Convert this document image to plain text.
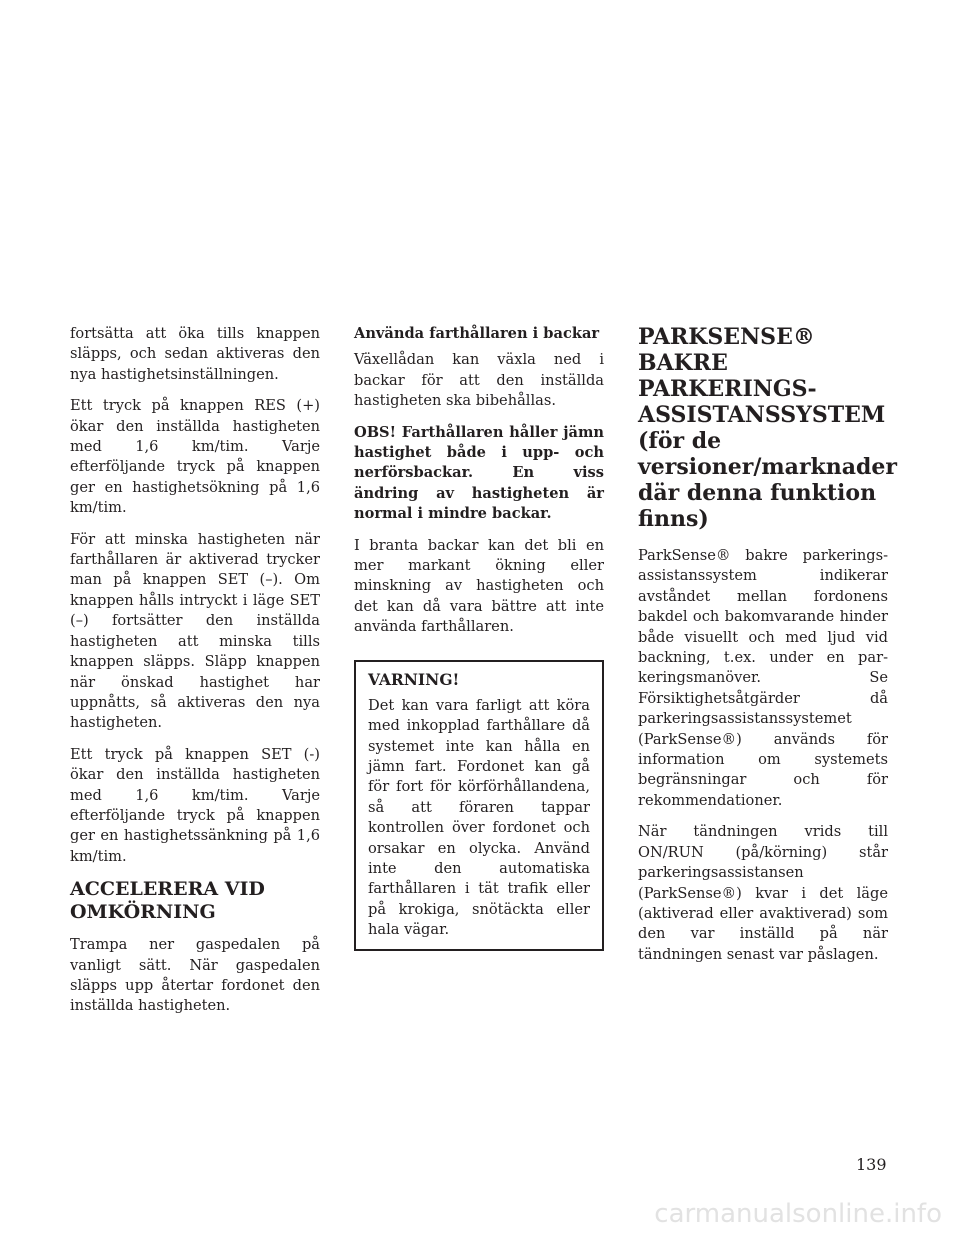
fortsätta att öka tills knappen släpps, och sedan aktiveras den nya hastighetsinställningen.

Ett tryck på knappen RES (+) ökar den inställda hastigheten med 1,6 km/tim. Varje efterföljande tryck på knappen ger en hastighetsökning på 1,6 km/tim.

För att minska hastigheten när farthållaren är aktiverad trycker man på knappen SET (–). Om knappen hålls intryckt i läge SET (–) fortsätter den inställda hastigheten att minska tills knappen släpps. Släpp knappen när önskad hastighet har uppnåtts, så aktiveras den nya hastigheten.

Ett tryck på knappen SET (-) ökar den inställda hastigheten med 1,6 km/tim. Varje efterföljande tryck på knappen ger en hastighetssänkning på 1,6 km/tim.

ACCELERERA VID OMKÖRNING

Trampa ner gaspedalen på vanligt sätt. När gaspedalen släpps upp återtar fordonet den inställda hastigheten.

Använda farthållaren i backar

Växellådan kan växla ned i backar för att den inställda hastigheten ska bibehållas.

OBS! Farthållaren håller jämn hastighet både i upp- och nerförsbackar. En viss ändring av hastigheten är normal i mindre backar.

I branta backar kan det bli en mer markant ökning eller minskning av hastigheten och det kan då vara bättre att inte använda farthållaren.

VARNING!

Det kan vara farligt att köra med inkopplad farthållare då systemet inte kan hålla en jämn fart. Fordonet kan gå för fort för körförhållandena, så att föraren tappar kontrollen över fordonet och orsakar en olycka. Använd inte den automatiska farthållaren i tät trafik eller på krokiga, snötäckta eller hala vägar.

PARKSENSE® BAKRE PARKERINGSASSISTANSSYSTEM (för de versioner/marknader där denna funktion finns)

ParkSense® bakre parkeringsassistanssystem indikerar avståndet mellan fordonens bakdel och bakomvarande hinder både visuellt och med ljud vid backning, t.ex. under en parkeringsmanöver. Se Försiktighetsåtgärder då parkeringsassistanssystemet (ParkSense®) används för information om systemets begränsningar och för rekommendationer.

När tändningen vrids till ON/RUN (på/körning) står parkeringsassistansen (ParkSense®) kvar i det läge (aktiverad eller avaktiverad) som den var inställd på när tändningen senast var påslagen.

139
carmanualsonline.info
